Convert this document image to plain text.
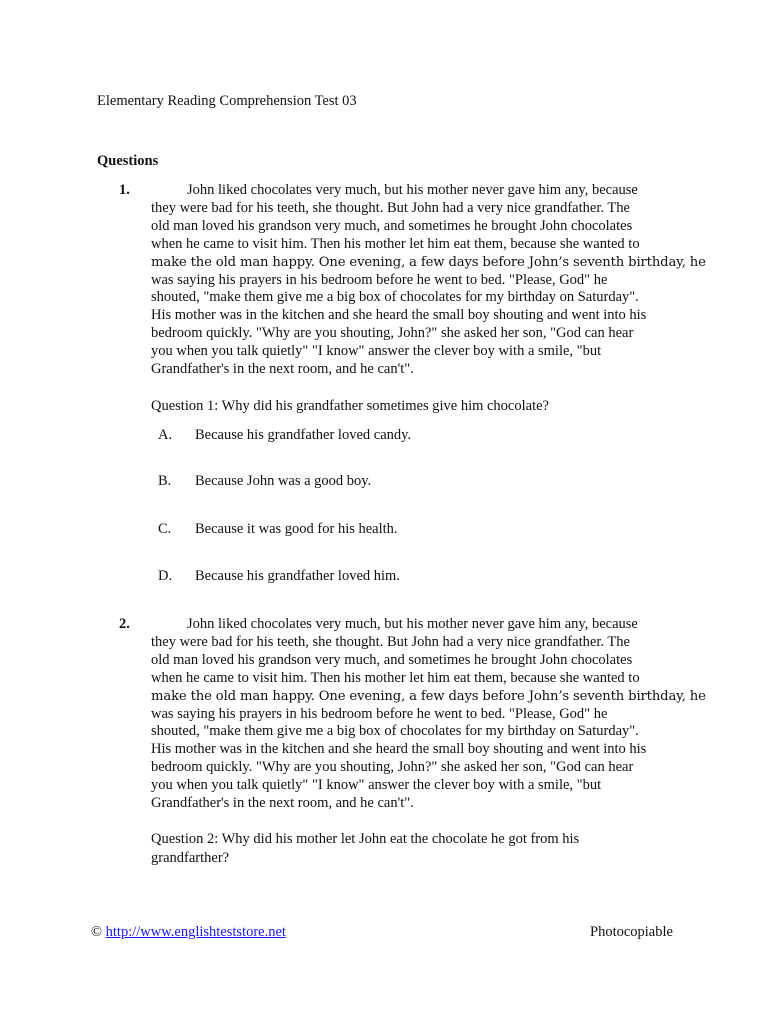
Elementary Reading Comprehension Test 03
Questions
1.	John liked chocolates very much, but his mother never gave him any, because
they were bad for his teeth, she thought. But John had a very nice grandfather. The
old man loved his grandson very much, and sometimes he brought John chocolates
when he came to visit him. Then his mother let him eat them, because she wanted to
make the old man happy. One evening, a few days before John’s seventh birthday, he
was saying his prayers in his bedroom before he went to bed. "Please, God" he
shouted, "make them give me a big box of chocolates for my birthday on Saturday".
His mother was in the kitchen and she heard the small boy shouting and went into his
bedroom quickly. "Why are you shouting, John?" she asked her son, "God can hear
you when you talk quietly" "I know" answer the clever boy with a smile, "but
Grandfather's in the next room, and he can't".
Question 1: Why did his grandfather sometimes give him chocolate?
A. Because his grandfather loved candy.
B. Because John was a good boy.
C. Because it was good for his health.
D. Because his grandfather loved him.
2.	John liked chocolates very much, but his mother never gave him any, because
they were bad for his teeth, she thought. But John had a very nice grandfather. The
old man loved his grandson very much, and sometimes he brought John chocolates
when he came to visit him. Then his mother let him eat them, because she wanted to
make the old man happy. One evening, a few days before John’s seventh birthday, he
was saying his prayers in his bedroom before he went to bed. "Please, God" he
shouted, "make them give me a big box of chocolates for my birthday on Saturday".
His mother was in the kitchen and she heard the small boy shouting and went into his
bedroom quickly. "Why are you shouting, John?" she asked her son, "God can hear
you when you talk quietly" "I know" answer the clever boy with a smile, "but
Grandfather's in the next room, and he can't".
Question 2: Why did his mother let John eat the chocolate he got from his
grandfarther?
© http://www.englishteststore.net	Photocopiable
